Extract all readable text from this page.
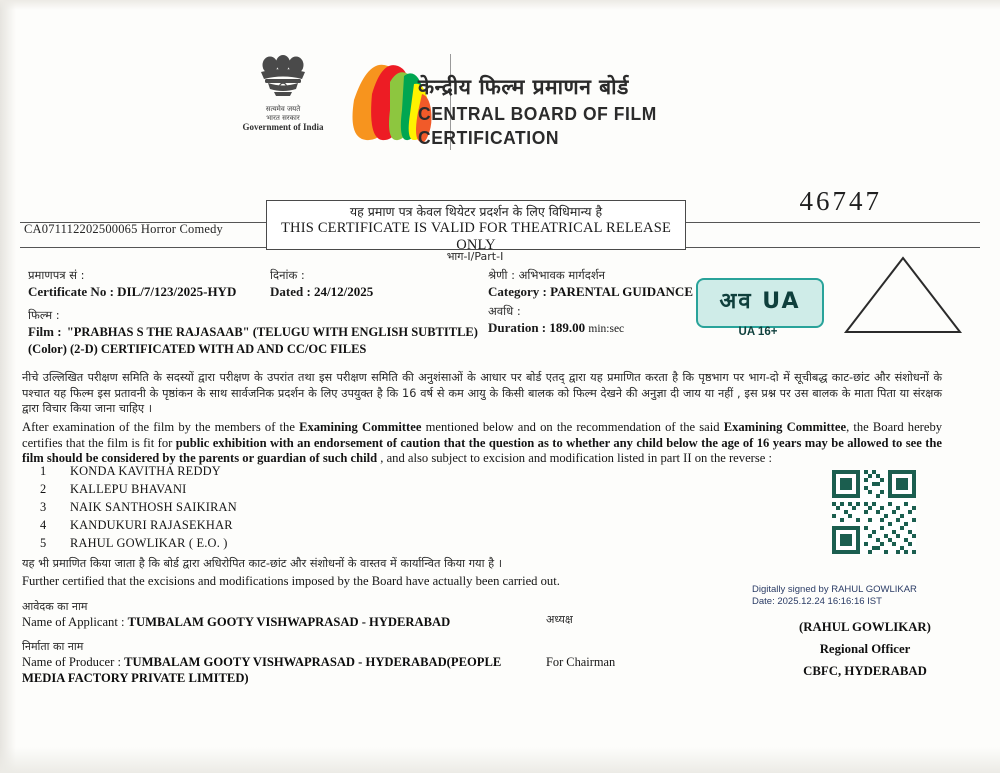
सत्यमेव जयते
भारत सरकार
Government of India
केन्द्रीय फिल्म प्रमाणन बोर्ड
CENTRAL BOARD OF FILM CERTIFICATION
46747
CA071112202500065 Horror Comedy
यह प्रमाण पत्र केवल थियेटर प्रदर्शन के लिए विधिमान्य है
THIS CERTIFICATE IS VALID FOR THEATRICAL RELEASE ONLY
भाग-I/Part-I
प्रमाणपत्र सं :
Certificate No : DIL/7/123/2025-HYD
दिनांक :
Dated : 24/12/2025
श्रेणी : अभिभावक मार्गदर्शन
Category : PARENTAL GUIDANCE
अवधि :
Duration : 189.00 min:sec
फिल्म :
Film : "PRABHAS S THE RAJASAAB" (TELUGU WITH ENGLISH SUBTITLE) (Color) (2-D) CERTIFICATED WITH AD AND CC/OC FILES
अव UA
UA 16+
नीचे उल्लिखित परीक्षण समिति के सदस्यों द्वारा परीक्षण के उपरांत तथा इस परीक्षण समिति की अनुशंसाओं के आधार पर बोर्ड एतद् द्वारा यह प्रमाणित करता है कि पृष्ठभाग पर भाग-दो में सूचीबद्ध काट-छांट और संशोधनों के पश्चात यह फिल्म इस प्रतावनी के पृष्ठांकन के साथ सार्वजनिक प्रदर्शन के लिए उपयुक्त है कि 16 वर्ष से कम आयु के किसी बालक को फिल्म देखने की अनुज्ञा दी जाय या नहीं , इस प्रश्न पर उस बालक के माता पिता या संरक्षक द्वारा विचार किया जाना चाहिए ।
After examination of the film by the members of the Examining Committee mentioned below and on the recommendation of the said Examining Committee, the Board hereby certifies that the film is fit for public exhibition with an endorsement of caution that the question as to whether any child below the age of 16 years may be allowed to see the film should be considered by the parents or guardian of such child , and also subject to excision and modification listed in part II on the reverse :
1	KONDA KAVITHA REDDY
2	KALLEPU BHAVANI
3	NAIK SANTHOSH SAIKIRAN
4	KANDUKURI RAJASEKHAR
5	RAHUL GOWLIKAR ( E.O. )
यह भी प्रमाणित किया जाता है कि बोर्ड द्वारा अधिरोपित काट-छांट और संशोधनों के वास्तव में कार्यान्वित किया गया है ।
Further certified that the excisions and modifications imposed by the Board have actually been carried out.
Digitally signed by RAHUL GOWLIKAR
Date: 2025.12.24 16:16:16 IST
आवेदक का नाम
Name of Applicant : TUMBALAM GOOTY VISHWAPRASAD - HYDERABAD
निर्माता का नाम
Name of Producer : TUMBALAM GOOTY VISHWAPRASAD - HYDERABAD(PEOPLE MEDIA FACTORY PRIVATE LIMITED)
अध्यक्ष
For Chairman
(RAHUL GOWLIKAR)
Regional Officer
CBFC, HYDERABAD
